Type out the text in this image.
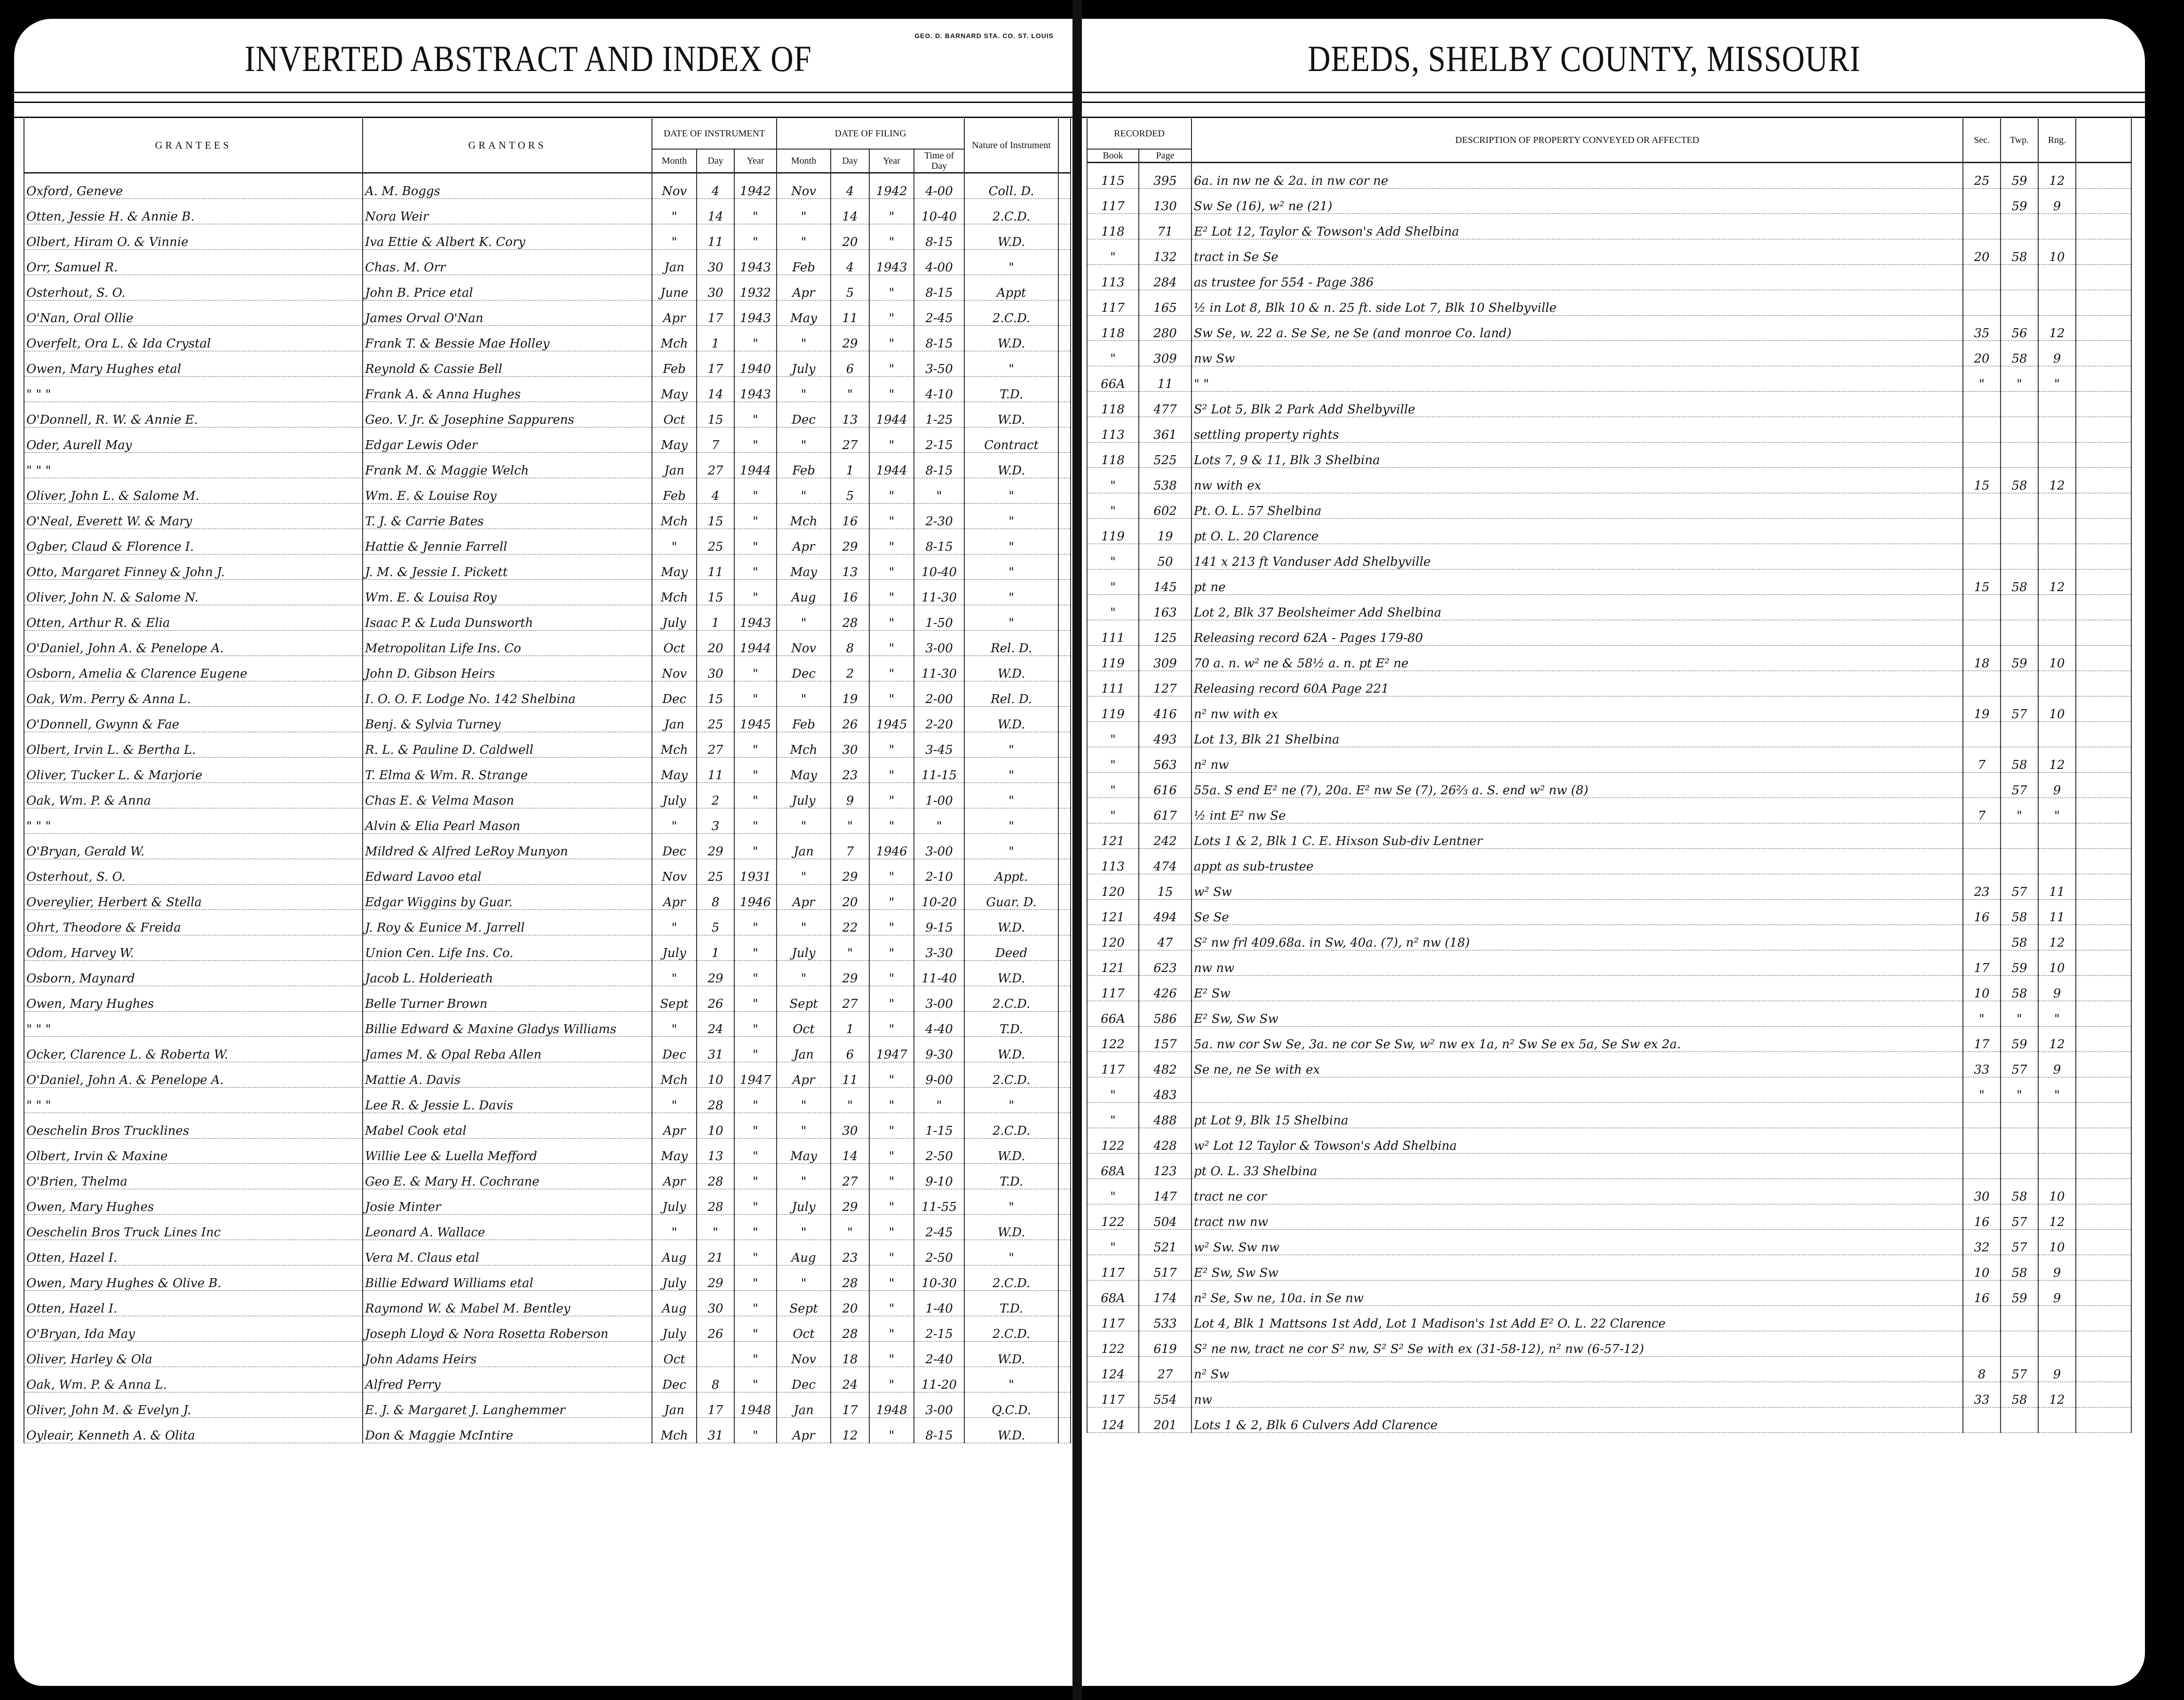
INVERTED ABSTRACT AND INDEX OF
GEO. D. BARNARD STA. CO. ST. LOUIS
GRANTEES	GRANTORS	DATE OF INSTRUMENT			DATE OF FILING				Nature of Instrument	
		Month	Day	Year	Month	Day	Year	Time of Day		
Oxford, Geneve	A. M. Boggs	Nov	4	1942	Nov	4	1942	4-00	Coll. D.	
Otten, Jessie H. & Annie B.	Nora Weir	"	14	"	"	14	"	10-40	2.C.D.	
Olbert, Hiram O. & Vinnie	Iva Ettie & Albert K. Cory	"	11	"	"	20	"	8-15	W.D.	
Orr, Samuel R.	Chas. M. Orr	Jan	30	1943	Feb	4	1943	4-00	"	
Osterhout, S. O.	John B. Price etal	June	30	1932	Apr	5	"	8-15	Appt	
O'Nan, Oral Ollie	James Orval O'Nan	Apr	17	1943	May	11	"	2-45	2.C.D.	
Overfelt, Ora L. & Ida Crystal	Frank T. & Bessie Mae Holley	Mch	1	"	"	29	"	8-15	W.D.	
Owen, Mary Hughes etal	Reynold & Cassie Bell	Feb	17	1940	July	6	"	3-50	"	
" " "	Frank A. & Anna Hughes	May	14	1943	"	"	"	4-10	T.D.	
O'Donnell, R. W. & Annie E.	Geo. V. Jr. & Josephine Sappurens	Oct	15	"	Dec	13	1944	1-25	W.D.	
Oder, Aurell May	Edgar Lewis Oder	May	7	"	"	27	"	2-15	Contract	
" " "	Frank M. & Maggie Welch	Jan	27	1944	Feb	1	1944	8-15	W.D.	
Oliver, John L. & Salome M.	Wm. E. & Louise Roy	Feb	4	"	"	5	"	"	"	
O'Neal, Everett W. & Mary	T. J. & Carrie Bates	Mch	15	"	Mch	16	"	2-30	"	
Ogber, Claud & Florence I.	Hattie & Jennie Farrell	"	25	"	Apr	29	"	8-15	"	
Otto, Margaret Finney & John J.	J. M. & Jessie I. Pickett	May	11	"	May	13	"	10-40	"	
Oliver, John N. & Salome N.	Wm. E. & Louisa Roy	Mch	15	"	Aug	16	"	11-30	"	
Otten, Arthur R. & Elia	Isaac P. & Luda Dunsworth	July	1	1943	"	28	"	1-50	"	
O'Daniel, John A. & Penelope A.	Metropolitan Life Ins. Co	Oct	20	1944	Nov	8	"	3-00	Rel. D.	
Osborn, Amelia & Clarence Eugene	John D. Gibson Heirs	Nov	30	"	Dec	2	"	11-30	W.D.	
Oak, Wm. Perry & Anna L.	I. O. O. F. Lodge No. 142 Shelbina	Dec	15	"	"	19	"	2-00	Rel. D.	
O'Donnell, Gwynn & Fae	Benj. & Sylvia Turney	Jan	25	1945	Feb	26	1945	2-20	W.D.	
Olbert, Irvin L. & Bertha L.	R. L. & Pauline D. Caldwell	Mch	27	"	Mch	30	"	3-45	"	
Oliver, Tucker L. & Marjorie	T. Elma & Wm. R. Strange	May	11	"	May	23	"	11-15	"	
Oak, Wm. P. & Anna	Chas E. & Velma Mason	July	2	"	July	9	"	1-00	"	
" " "	Alvin & Elia Pearl Mason	"	3	"	"	"	"	"	"	
O'Bryan, Gerald W.	Mildred & Alfred LeRoy Munyon	Dec	29	"	Jan	7	1946	3-00	"	
Osterhout, S. O.	Edward Lavoo etal	Nov	25	1931	"	29	"	2-10	Appt.	
Overeylier, Herbert & Stella	Edgar Wiggins by Guar.	Apr	8	1946	Apr	20	"	10-20	Guar. D.	
Ohrt, Theodore & Freida	J. Roy & Eunice M. Jarrell	"	5	"	"	22	"	9-15	W.D.	
Odom, Harvey W.	Union Cen. Life Ins. Co.	July	1	"	July	"	"	3-30	Deed	
Osborn, Maynard	Jacob L. Holderieath	"	29	"	"	29	"	11-40	W.D.	
Owen, Mary Hughes	Belle Turner Brown	Sept	26	"	Sept	27	"	3-00	2.C.D.	
" " "	Billie Edward & Maxine Gladys Williams	"	24	"	Oct	1	"	4-40	T.D.	
Ocker, Clarence L. & Roberta W.	James M. & Opal Reba Allen	Dec	31	"	Jan	6	1947	9-30	W.D.	
O'Daniel, John A. & Penelope A.	Mattie A. Davis	Mch	10	1947	Apr	11	"	9-00	2.C.D.	
" " "	Lee R. & Jessie L. Davis	"	28	"	"	"	"	"	"	
Oeschelin Bros Trucklines	Mabel Cook etal	Apr	10	"	"	30	"	1-15	2.C.D.	
Olbert, Irvin & Maxine	Willie Lee & Luella Mefford	May	13	"	May	14	"	2-50	W.D.	
O'Brien, Thelma	Geo E. & Mary H. Cochrane	Apr	28	"	"	27	"	9-10	T.D.	
Owen, Mary Hughes	Josie Minter	July	28	"	July	29	"	11-55	"	
Oeschelin Bros Truck Lines Inc	Leonard A. Wallace	"	"	"	"	"	"	2-45	W.D.	
Otten, Hazel I.	Vera M. Claus etal	Aug	21	"	Aug	23	"	2-50	"	
Owen, Mary Hughes & Olive B.	Billie Edward Williams etal	July	29	"	"	28	"	10-30	2.C.D.	
Otten, Hazel I.	Raymond W. & Mabel M. Bentley	Aug	30	"	Sept	20	"	1-40	T.D.	
O'Bryan, Ida May	Joseph Lloyd & Nora Rosetta Roberson	July	26	"	Oct	28	"	2-15	2.C.D.	
Oliver, Harley & Ola	John Adams Heirs	Oct		"	Nov	18	"	2-40	W.D.	
Oak, Wm. P. & Anna L.	Alfred Perry	Dec	8	"	Dec	24	"	11-20	"	
Oliver, John M. & Evelyn J.	E. J. & Margaret J. Langhemmer	Jan	17	1948	Jan	17	1948	3-00	Q.C.D.	
Oyleair, Kenneth A. & Olita	Don & Maggie McIntire	Mch	31	"	Apr	12	"	8-15	W.D.	
DEEDS, SHELBY COUNTY, MISSOURI
RECORDED		DESCRIPTION OF PROPERTY CONVEYED OR AFFECTED	Sec.	Twp.	Rng.	
Book	Page					
115	395	6a. in nw ne & 2a. in nw cor ne	25	59	12	
117	130	Sw Se (16), w² ne (21)		59	9	
118	71	E² Lot 12, Taylor & Towson's Add Shelbina				
"	132	tract in Se Se	20	58	10	
113	284	as trustee for 554 - Page 386				
117	165	½ in Lot 8, Blk 10 & n. 25 ft. side Lot 7, Blk 10 Shelbyville				
118	280	Sw Se, w. 22 a. Se Se, ne Se (and monroe Co. land)	35	56	12	
"	309	nw Sw	20	58	9	
66A	11	" "	"	"	"	
118	477	S² Lot 5, Blk 2 Park Add Shelbyville				
113	361	settling property rights				
118	525	Lots 7, 9 & 11, Blk 3 Shelbina				
"	538	nw with ex	15	58	12	
"	602	Pt. O. L. 57 Shelbina				
119	19	pt O. L. 20 Clarence				
"	50	141 x 213 ft Vanduser Add Shelbyville				
"	145	pt ne	15	58	12	
"	163	Lot 2, Blk 37 Beolsheimer Add Shelbina				
111	125	Releasing record 62A - Pages 179-80				
119	309	70 a. n. w² ne & 58½ a. n. pt E² ne	18	59	10	
111	127	Releasing record 60A Page 221				
119	416	n² nw with ex	19	57	10	
"	493	Lot 13, Blk 21 Shelbina				
"	563	n² nw	7	58	12	
"	616	55a. S end E² ne (7), 20a. E² nw Se (7), 26⅔ a. S. end w² nw (8)		57	9	
"	617	½ int E² nw Se	7	"	"	
121	242	Lots 1 & 2, Blk 1 C. E. Hixson Sub-div Lentner				
113	474	appt as sub-trustee				
120	15	w² Sw	23	57	11	
121	494	Se Se	16	58	11	
120	47	S² nw frl 409.68a. in Sw, 40a. (7), n² nw (18)		58	12	
121	623	nw nw	17	59	10	
117	426	E² Sw	10	58	9	
66A	586	E² Sw, Sw Sw	"	"	"	
122	157	5a. nw cor Sw Se, 3a. ne cor Se Sw, w² nw ex 1a, n² Sw Se ex 5a, Se Sw ex 2a.	17	59	12	
117	482	Se ne, ne Se with ex	33	57	9	
"	483		"	"	"	
"	488	pt Lot 9, Blk 15 Shelbina				
122	428	w² Lot 12 Taylor & Towson's Add Shelbina				
68A	123	pt O. L. 33 Shelbina				
"	147	tract ne cor	30	58	10	
122	504	tract nw nw	16	57	12	
"	521	w² Sw. Sw nw	32	57	10	
117	517	E² Sw, Sw Sw	10	58	9	
68A	174	n² Se, Sw ne, 10a. in Se nw	16	59	9	
117	533	Lot 4, Blk 1 Mattsons 1st Add, Lot 1 Madison's 1st Add E² O. L. 22 Clarence				
122	619	S² ne nw, tract ne cor S² nw, S² S² Se with ex (31-58-12), n² nw (6-57-12)				
124	27	n² Sw	8	57	9	
117	554	nw	33	58	12	
124	201	Lots 1 & 2, Blk 6 Culvers Add Clarence				
